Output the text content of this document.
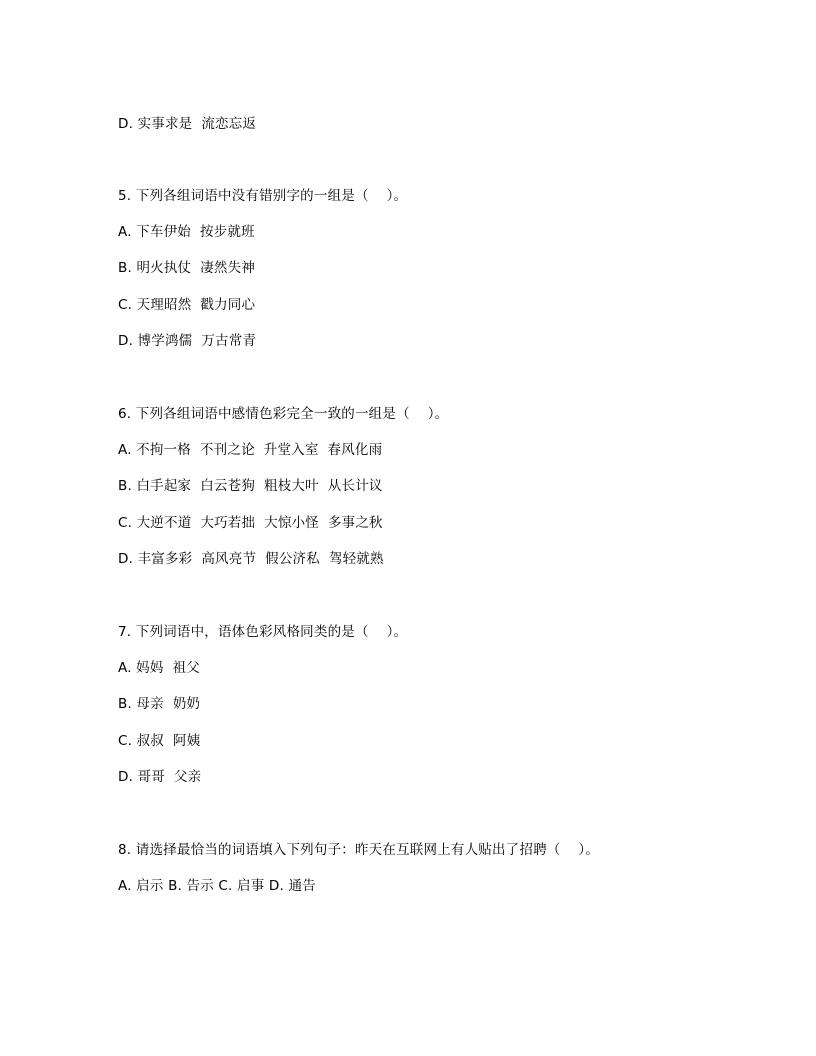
D. 实事求是  流恋忘返
5. 下列各组词语中没有错别字的一组是（    ）。
A. 下车伊始  按步就班
B. 明火执仗  凄然失神
C. 天理昭然  戳力同心
D. 博学鸿儒  万古常青
6. 下列各组词语中感情色彩完全一致的一组是（    ）。
A. 不拘一格  不刊之论  升堂入室  春风化雨
B. 白手起家  白云苍狗  粗枝大叶  从长计议
C. 大逆不道  大巧若拙  大惊小怪  多事之秋
D. 丰富多彩  高风亮节  假公济私  驾轻就熟
7. 下列词语中，语体色彩风格同类的是（    ）。
A. 妈妈  祖父
B. 母亲  奶奶
C. 叔叔  阿姨
D. 哥哥  父亲
8. 请选择最恰当的词语填入下列句子：昨天在互联网上有人贴出了招聘（    ）。
A. 启示 B. 告示 C. 启事 D. 通告
